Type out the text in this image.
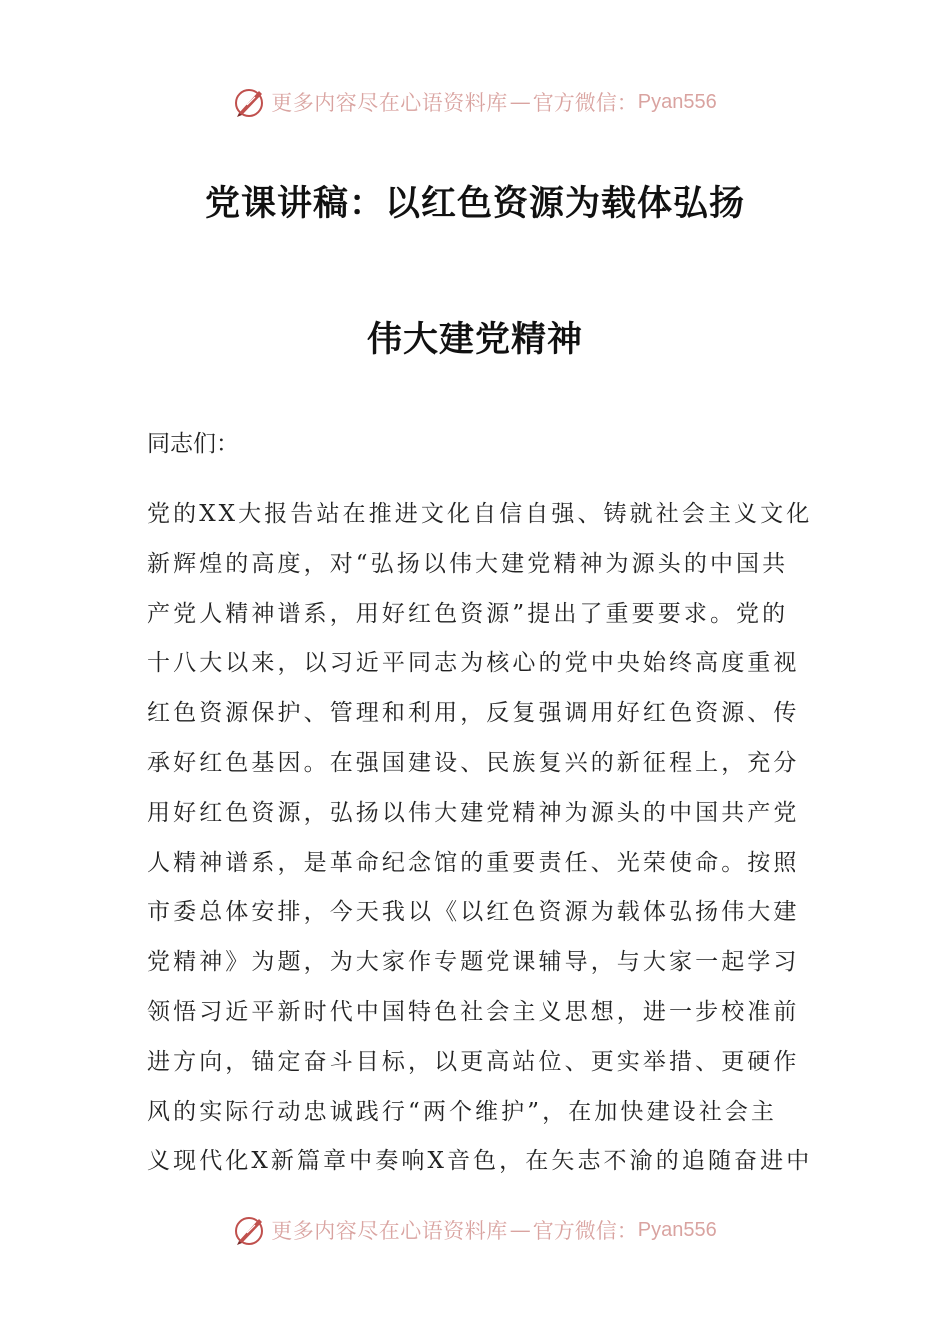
更多内容尽在心语资料库 — 官方微信： Pyan556
党课讲稿：以红色资源为载体弘扬
伟大建党精神
同志们：
党的XX大报告站在推进文化自信自强、铸就社会主义文化
新辉煌的高度，对“弘扬以伟大建党精神为源头的中国共
产党人精神谱系，用好红色资源”提出了重要要求。党的
十八大以来，以习近平同志为核心的党中央始终高度重视
红色资源保护、管理和利用，反复强调用好红色资源、传
承好红色基因。在强国建设、民族复兴的新征程上，充分
用好红色资源，弘扬以伟大建党精神为源头的中国共产党
人精神谱系，是革命纪念馆的重要责任、光荣使命。按照
市委总体安排，今天我以《以红色资源为载体弘扬伟大建
党精神》为题，为大家作专题党课辅导，与大家一起学习
领悟习近平新时代中国特色社会主义思想，进一步校准前
进方向，锚定奋斗目标，以更高站位、更实举措、更硬作
风的实际行动忠诚践行“两个维护”，在加快建设社会主
义现代化X新篇章中奏响X音色，在矢志不渝的追随奋进中
更多内容尽在心语资料库 — 官方微信： Pyan556
